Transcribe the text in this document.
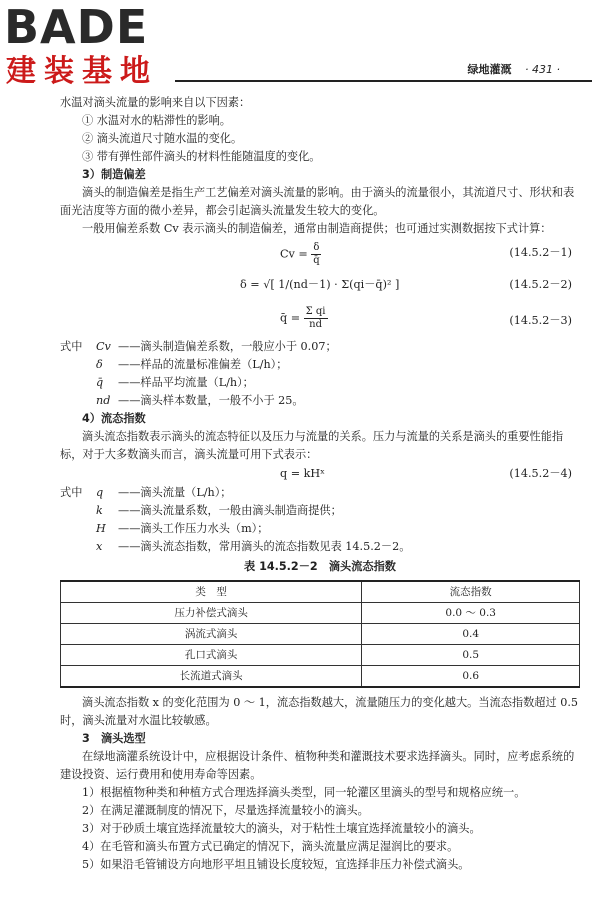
BADE
建装基地	绿地灌溉 · 431 ·

水温对滴头流量的影响来自以下因素：

① 水温对水的粘滞性的影响。

② 滴头流道尺寸随水温的变化。

③ 带有弹性部件滴头的材料性能随温度的变化。

3）制造偏差

滴头的制造偏差是指生产工艺偏差对滴头流量的影响。由于滴头的流量很小，其流道尺寸、形状和表面光洁度等方面的微小差异，都会引起滴头流量发生较大的变化。

一般用偏差系数 Cv 表示滴头的制造偏差，通常由制造商提供；也可通过实测数据按下式计算：

$Cv = \frac{\delta}{q̄}$	(14.5.2－1)
δ = √[ 1/(nd－1) · Σ(qi－q̄)² ]	(14.5.2－2)
q̄ = $\frac{\text{Σ qi}}{nd}$	(14.5.2－3)
式中	Cv ——滴头制造偏差系数，一般应小于 0.07；
δ	——样品的流量标准偏差（L/h）；
q̄	——样品平均流量（L/h）；
nd ——滴头样本数量，一般不小于 25。

4）流态指数

滴头流态指数表示滴头的流态特征以及压力与流量的关系。压力与流量的关系是滴头的重要性能指标，对于大多数滴头而言，滴头流量可用下式表示：

q = kHˣ	(14.5.2－4)
式中	q	——滴头流量（L/h）；
k	——滴头流量系数，一般由滴头制造商提供；
H	——滴头工作压力水头（m）；
x	——滴头流态指数，常用滴头的流态指数见表 14.5.2－2。
表 14.5.2－2　滴头流态指数
类　型	流态指数
压力补偿式滴头	0.0 ～ 0.3
涡流式滴头	0.4
孔口式滴头	0.5
长流道式滴头	0.6

滴头流态指数 x 的变化范围为 0 ～ 1，流态指数越大，流量随压力的变化越大。当流态指数超过 0.5 时，滴头流量对水温比较敏感。

3　滴头选型

在绿地滴灌系统设计中，应根据设计条件、植物种类和灌溉技术要求选择滴头。同时，应考虑系统的建设投资、运行费用和使用寿命等因素。

1）根据植物种类和种植方式合理选择滴头类型，同一轮灌区里滴头的型号和规格应统一。

2）在满足灌溉制度的情况下，尽量选择流量较小的滴头。

3）对于砂质土壤宜选择流量较大的滴头，对于粘性土壤宜选择流量较小的滴头。

4）在毛管和滴头布置方式已确定的情况下，滴头流量应满足湿润比的要求。

5）如果沿毛管铺设方向地形平坦且铺设长度较短，宜选择非压力补偿式滴头。
